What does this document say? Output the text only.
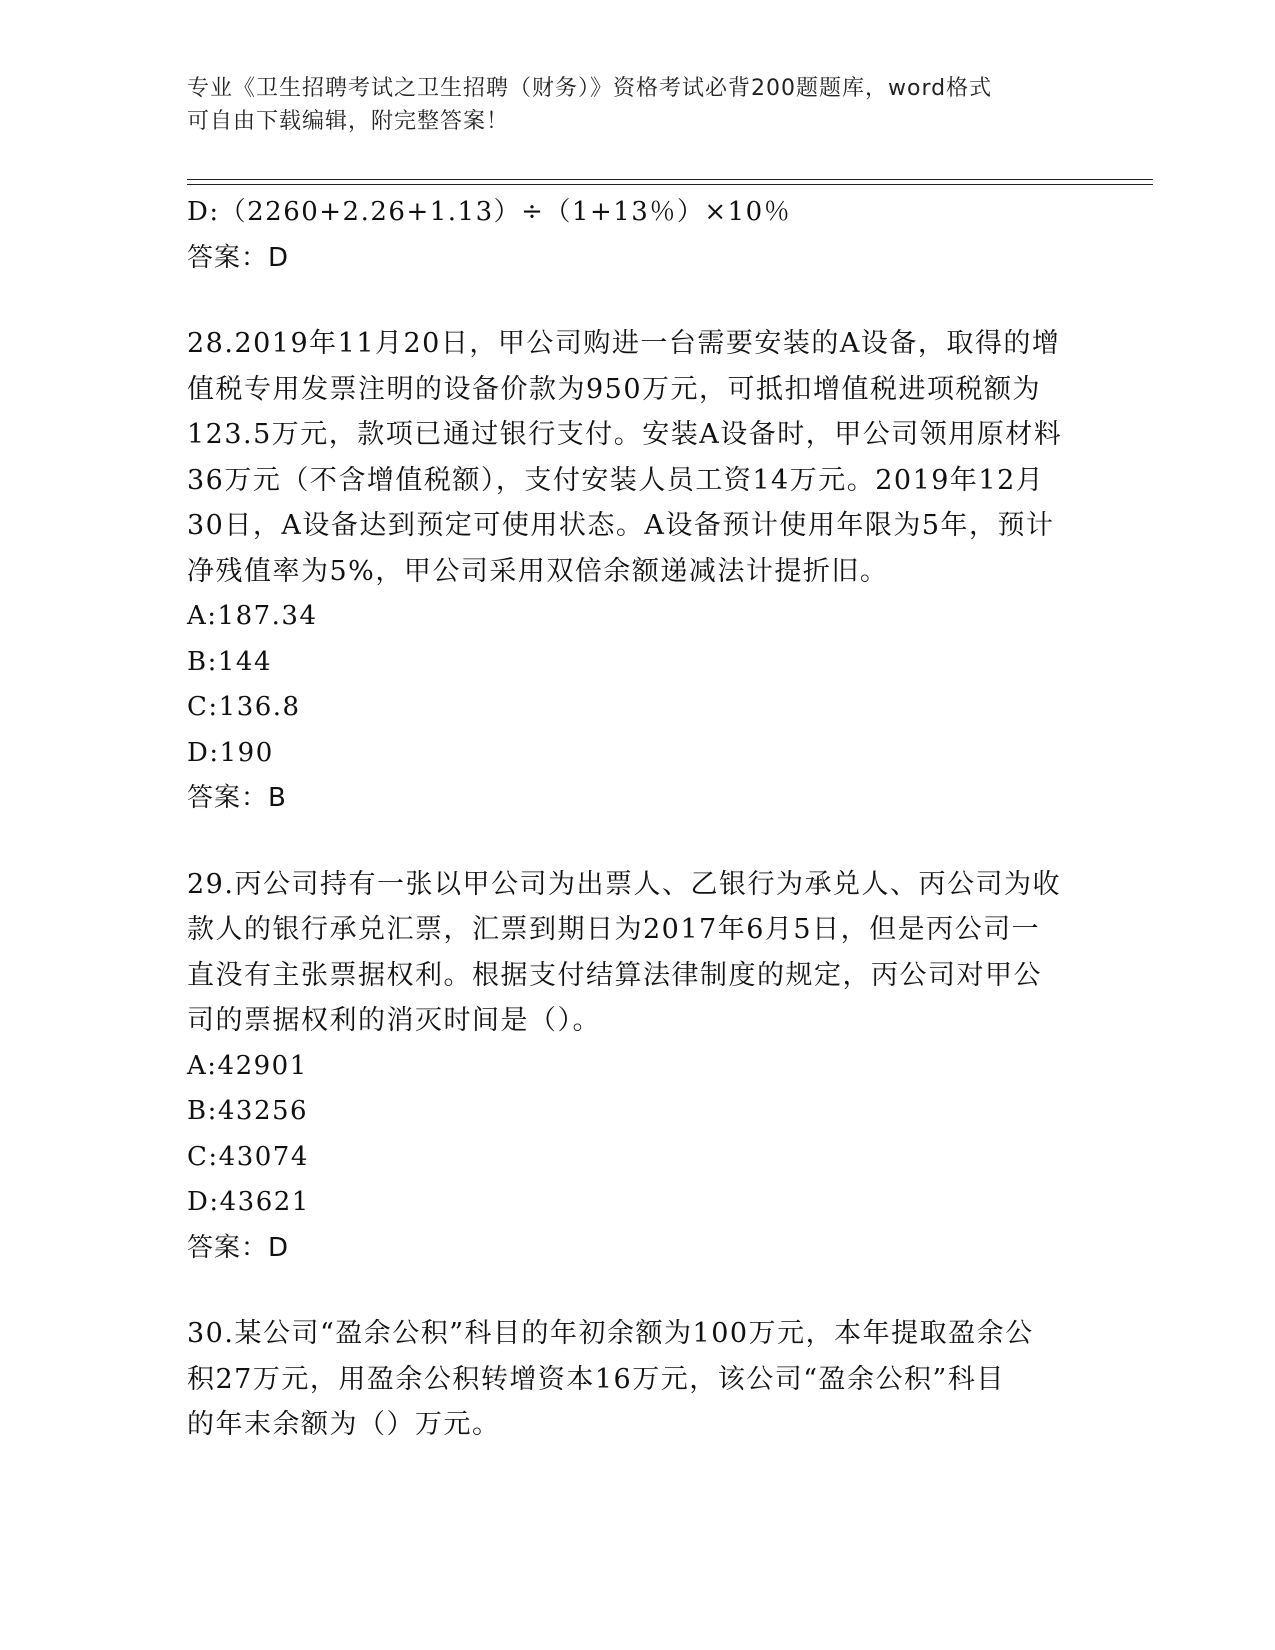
专业《卫生招聘考试之卫生招聘（财务）》资格考试必背200题题库，word格式
可自由下载编辑，附完整答案！
D:（2260+2.26+1.13）÷（1+13％）×10％
答案：D
28.2019年11月20日，甲公司购进一台需要安装的A设备，取得的增
值税专用发票注明的设备价款为950万元，可抵扣增值税进项税额为
123.5万元，款项已通过银行支付。安装A设备时，甲公司领用原材料
36万元（不含增值税额），支付安装人员工资14万元。2019年12月
30日，A设备达到预定可使用状态。A设备预计使用年限为5年，预计
净残值率为5%，甲公司采用双倍余额递减法计提折旧。
A:187.34
B:144
C:136.8
D:190
答案：B
29.丙公司持有一张以甲公司为出票人、乙银行为承兑人、丙公司为收
款人的银行承兑汇票，汇票到期日为2017年6月5日，但是丙公司一
直没有主张票据权利。根据支付结算法律制度的规定，丙公司对甲公
司的票据权利的消灭时间是（）。
A:42901
B:43256
C:43074
D:43621
答案：D
30.某公司“盈余公积”科目的年初余额为100万元，本年提取盈余公
积27万元，用盈余公积转增资本16万元，该公司“盈余公积”科目
的年末余额为（）万元。
